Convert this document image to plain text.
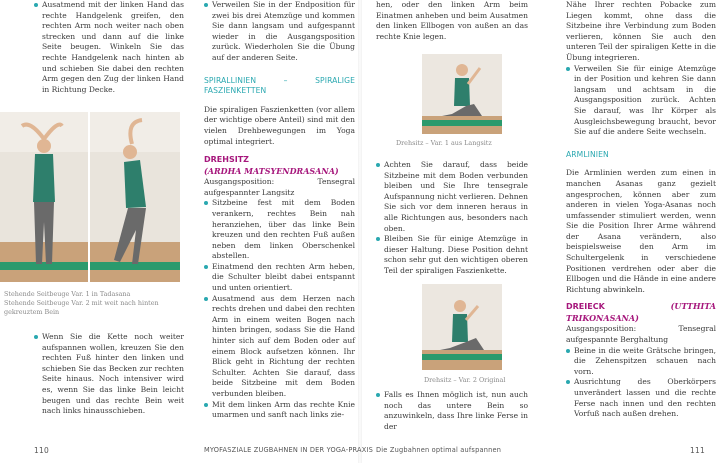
Ausatmend mit der linken Hand das rechte Handgelenk greifen, den rechten Arm noch weiter nach oben strecken und dann auf die linke Seite beugen. Winkeln Sie das rechte Handgelenk nach hinten ab und schieben Sie dabei den rechten Arm gegen den Zug der linken Hand in Richtung Decke.
Stehende Seitbeuge Var. 1 in Tadasana
Stehende Seitbeuge Var. 2 mit weit nach hinten gekreuztem Bein
Wenn Sie die Kette noch weiter aufspannen wollen, kreuzen Sie den rechten Fuß hinter den linken und schieben Sie das Becken zur rechten Seite hinaus. Noch intensiver wird es, wenn Sie das linke Bein leicht beugen und das rechte Bein weit nach links hinausschieben.
Verweilen Sie in der Endposition für zwei bis drei Atemzüge und kommen Sie dann langsam und aufgespannt wieder in die Ausgangsposition zurück. Wiederholen Sie die Übung auf der anderen Seite.
SPIRALLINIEN – SPIRALIGE FASZIENKETTEN

Die spiraligen Faszienketten (vor allem der wichtige obere Anteil) sind mit den vielen Drehbewegungen im Yoga optimal integriert.

DREHSITZ
(ARDHA MATSYENDRASANA)

Ausgangsposition: Tensegral aufgespannter Langsitz

Sitzbeine fest mit dem Boden verankern, rechtes Bein nah heranziehen, über das linke Bein kreuzen und den rechten Fuß außen neben dem linken Oberschenkel abstellen.
Einatmend den rechten Arm heben, die Schulter bleibt dabei entspannt und unten orientiert.
Ausatmend aus dem Herzen nach rechts drehen und dabei den rechten Arm in einem weiten Bogen nach hinten bringen, sodass Sie die Hand hinter sich auf dem Boden oder auf einem Block aufsetzen können. Ihr Blick geht in Richtung der rechten Schulter. Achten Sie darauf, dass beide Sitzbeine mit dem Boden verbunden bleiben.
Mit dem linken Arm das rechte Knie umarmen und sanft nach links zie-
110	MYOFASZIALE ZUGBAHNEN IN DER YOGA-PRAXIS

hen, oder den linken Arm beim Einatmen anheben und beim Ausatmen den linken Ellbogen von außen an das rechte Knie legen.

Drehsitz – Var. 1 aus Langsitz
Achten Sie darauf, dass beide Sitzbeine mit dem Boden verbunden bleiben und Sie Ihre tensegrale Aufspannung nicht verlieren. Dehnen Sie sich vor dem inneren heraus in alle Richtungen aus, besonders nach oben.
Bleiben Sie für einige Atemzüge in dieser Haltung. Diese Position dehnt schon sehr gut den wichtigen oberen Teil der spiraligen Faszienkette.
Drehsitz – Var. 2 Original
Falls es Ihnen möglich ist, nun auch noch das untere Bein so anzuwinkeln, dass Ihre linke Ferse in der

Nähe Ihrer rechten Pobacke zum Liegen kommt, ohne dass die Sitzbeine ihre Verbindung zum Boden verlieren, können Sie auch den unteren Teil der spiraligen Kette in die Übung integrieren.

Verweilen Sie für einige Atemzüge in der Position und kehren Sie dann langsam und achtsam in die Ausgangsposition zurück. Achten Sie darauf, was Ihr Körper als Ausgleichsbewegung braucht, bevor Sie auf die andere Seite wechseln.
ARMLINIEN

Die Armlinien werden zum einen in manchen Asanas ganz gezielt angesprochen, können aber zum anderen in vielen Yoga-Asanas noch umfassender stimuliert werden, wenn Sie die Position Ihrer Arme während der Asana verändern, also beispielsweise den Arm im Schultergelenk in verschiedene Positionen verdrehen oder aber die Ellbogen und die Hände in eine andere Richtung abwinkeln.

DREIECK	(UTTHITA TRIKONASANA)

Ausgangsposition: Tensegral aufgespannte Berghaltung

Beine in die weite Grätsche bringen, die Zehenspitzen schauen nach vorn.
Ausrichtung des Oberkörpers unverändert lassen und die rechte Ferse nach innen und den rechten Vorfuß nach außen drehen.
Die Zugbahnen optimal aufspannen	111
